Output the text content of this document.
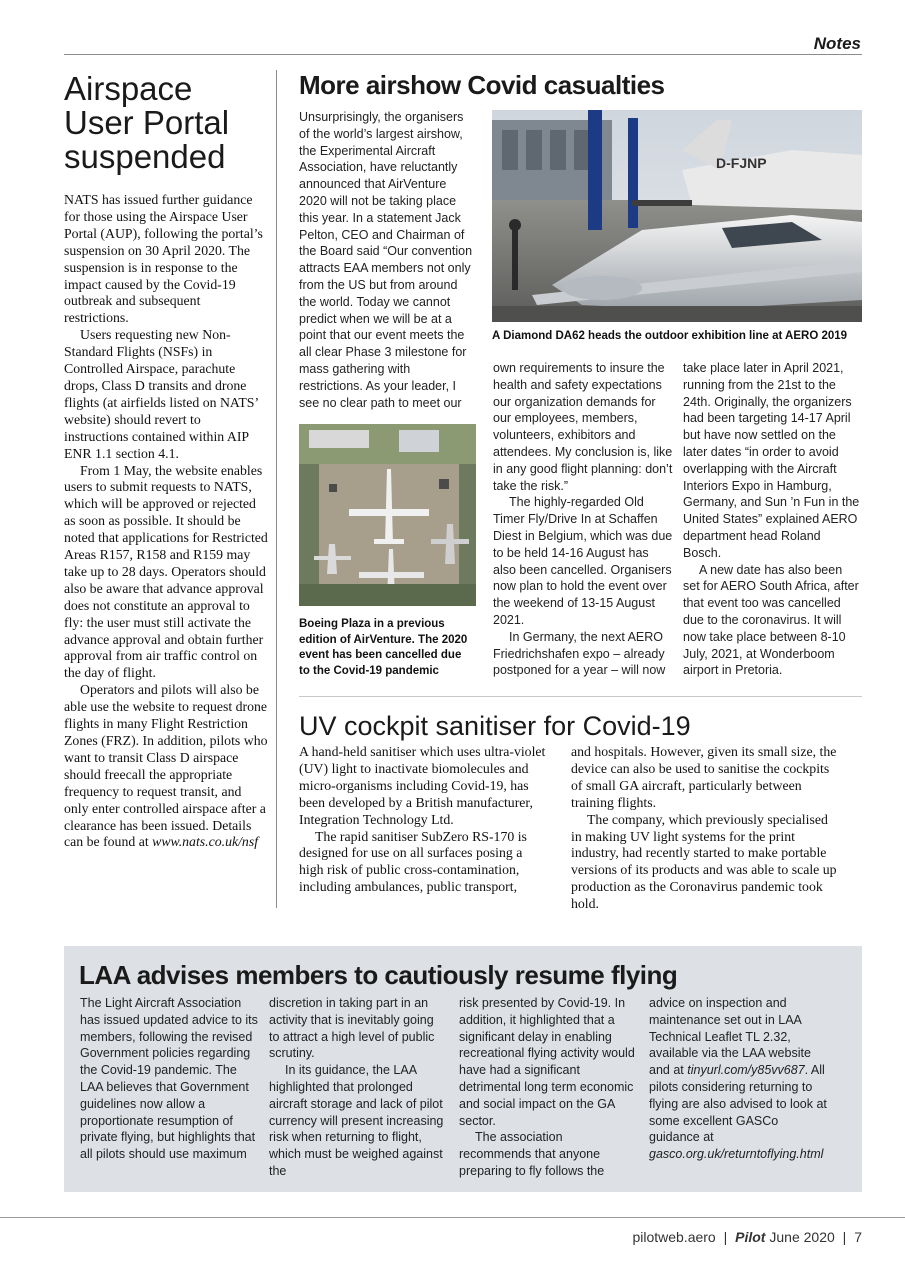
Notes
Airspace User Portal suspended

NATS has issued further guidance for those using the Airspace User Portal (AUP), following the portal’s suspension on 30 April 2020. The suspension is in response to the impact caused by the Covid-19 outbreak and subsequent restrictions.

Users requesting new Non-Standard Flights (NSFs) in Controlled Airspace, parachute drops, Class D transits and drone flights (at airfields listed on NATS’ website) should revert to instructions contained within AIP ENR 1.1 section 4.1.

From 1 May, the website enables users to submit requests to NATS, which will be approved or rejected as soon as possible. It should be noted that applications for Restricted Areas R157, R158 and R159 may take up to 28 days. Operators should also be aware that advance approval does not constitute an approval to fly: the user must still activate the advance approval and obtain further approval from air traffic control on the day of flight.

Operators and pilots will also be able use the website to request drone flights in many Flight Restriction Zones (FRZ). In addition, pilots who want to transit Class D airspace should freecall the appropriate frequency to request transit, and only enter controlled airspace after a clearance has been issued. Details can be found at www.nats.co.uk/nsf

More airshow Covid casualties
Unsurprisingly, the organisers of the world’s largest airshow, the Experimental Aircraft Association, have reluctantly announced that AirVenture 2020 will not be taking place this year. In a statement Jack Pelton, CEO and Chairman of the Board said “Our convention attracts EAA members not only from the US but from around the world. Today we cannot predict when we will be at a point that our event meets the all clear Phase 3 milestone for mass gathering with restrictions. As your leader, I see no clear path to meet our
D-FJNP
A Diamond DA62 heads the outdoor exhibition line at AERO 2019
Boeing Plaza in a previous edition of AirVenture. The 2020 event has been cancelled due to the Covid-19 pandemic

own requirements to insure the health and safety expectations our organization demands for our employees, members, volunteers, exhibitors and attendees. My conclusion is, like in any good flight planning: don’t take the risk.”

The highly-regarded Old Timer Fly/Drive In at Schaffen Diest in Belgium, which was due to be held 14-16 August has also been cancelled. Organisers now plan to hold the event over the weekend of 13-15 August 2021.

In Germany, the next AERO Friedrichshafen expo – already postponed for a year – will now

take place later in April 2021, running from the 21st to the 24th. Originally, the organizers had been targeting 14-17 April but have now settled on the later dates “in order to avoid overlapping with the Aircraft Interiors Expo in Hamburg, Germany, and Sun ’n Fun in the United States” explained AERO department head Roland Bosch.

A new date has also been set for AERO South Africa, after that event too was cancelled due to the coronavirus. It will now take place between 8-10 July, 2021, at Wonderboom airport in Pretoria.

UV cockpit sanitiser for Covid-19

A hand-held sanitiser which uses ultra-violet (UV) light to inactivate biomolecules and micro-organisms including Covid-19, has been developed by a British manufacturer, Integration Technology Ltd.

The rapid sanitiser SubZero RS-170 is designed for use on all surfaces posing a high risk of public cross-contamination, including ambulances, public transport,

and hospitals. However, given its small size, the device can also be used to sanitise the cockpits of small GA aircraft, particularly between training flights.

The company, which previously specialised in making UV light systems for the print industry, had recently started to make portable versions of its products and was able to scale up production as the Coronavirus pandemic took hold.

LAA advises members to cautiously resume flying
The Light Aircraft Association has issued updated advice to its members, following the revised Government policies regarding the Covid-19 pandemic. The LAA believes that Government guidelines now allow a proportionate resumption of private flying, but highlights that all pilots should use maximum

discretion in taking part in an activity that is inevitably going to attract a high level of public scrutiny.

In its guidance, the LAA highlighted that prolonged aircraft storage and lack of pilot currency will present increasing risk when returning to flight, which must be weighed against the

risk presented by Covid-19. In addition, it highlighted that a significant delay in enabling recreational flying activity would have had a significant detrimental long term economic and social impact on the GA sector.

The association recommends that anyone preparing to fly follows the

advice on inspection and maintenance set out in LAA Technical Leaflet TL 2.32, available via the LAA website and at tinyurl.com/y85vv687. All pilots considering returning to flying are also advised to look at some excellent GASCo guidance at gasco.org.uk/returntoflying.html
pilotweb.aero | Pilot June 2020 | 7
